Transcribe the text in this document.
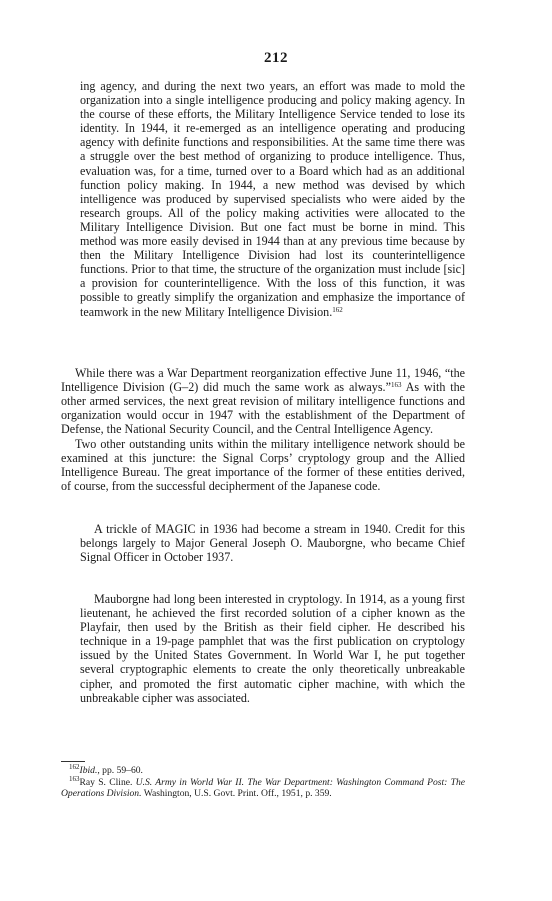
212

ing agency, and during the next two years, an effort was made to mold the organization into a single intelligence producing and policy making agency. In the course of these efforts, the Military Intelligence Service tended to lose its identity. In 1944, it re-emerged as an intelligence operating and producing agency with definite functions and responsibilities. At the same time there was a struggle over the best method of organizing to produce intelligence. Thus, evaluation was, for a time, turned over to a Board which had as an additional function policy making. In 1944, a new method was devised by which intelligence was produced by supervised specialists who were aided by the research groups. All of the policy making activities were allocated to the Military Intelligence Division. But one fact must be borne in mind. This method was more easily devised in 1944 than at any previous time because by then the Military Intelligence Division had lost its counterintelligence functions. Prior to that time, the structure of the organization must include [sic] a provision for counterintelligence. With the loss of this function, it was possible to greatly simplify the organization and emphasize the importance of teamwork in the new Military Intelligence Division.$^{162}$

While there was a War Department reorganization effective June 11, 1946, “the Intelligence Division (G–2) did much the same work as always.”$^{163}$ As with the other armed services, the next great revision of military intelligence functions and organization would occur in 1947 with the establishment of the Department of Defense, the National Security Council, and the Central Intelligence Agency.

Two other outstanding units within the military intelligence network should be examined at this juncture: the Signal Corps’ cryptology group and the Allied Intelligence Bureau. The great importance of the former of these entities derived, of course, from the successful decipherment of the Japanese code.

A trickle of MAGIC in 1936 had become a stream in 1940. Credit for this belongs largely to Major General Joseph O. Mauborgne, who became Chief Signal Officer in October 1937.

Mauborgne had long been interested in cryptology. In 1914, as a young first lieutenant, he achieved the first recorded solution of a cipher known as the Playfair, then used by the British as their field cipher. He described his technique in a 19-page pamphlet that was the first publication on cryptology issued by the United States Government. In World War I, he put together several cryptographic elements to create the only theoretically unbreakable cipher, and promoted the first automatic cipher machine, with which the unbreakable cipher was associated.

$^{162}$Ibid., pp. 59–60.
$^{163}$Ray S. Cline. U.S. Army in World War II. The War Department: Washington Command Post: The Operations Division. Washington, U.S. Govt. Print. Off., 1951, p. 359.
